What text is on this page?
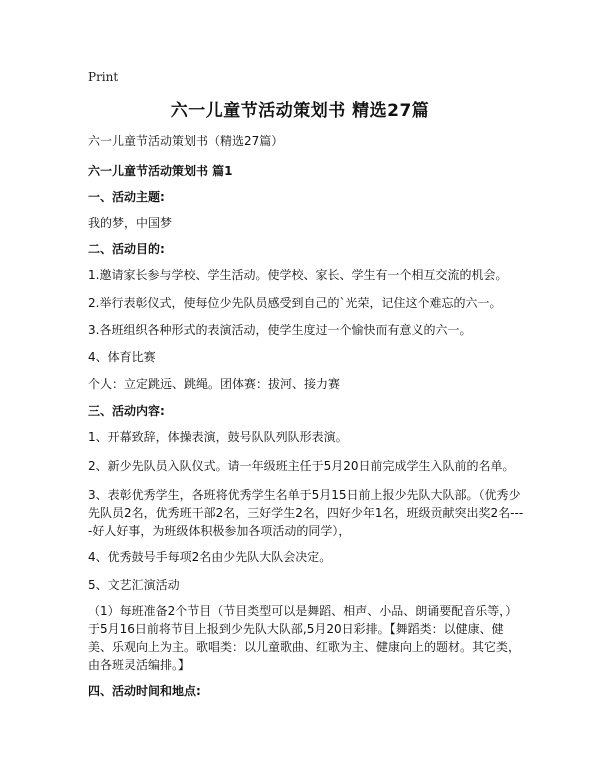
Print
六一儿童节活动策划书 精选27篇
六一儿童节活动策划书（精选27篇）
六一儿童节活动策划书 篇1
一、活动主题:
我的梦，中国梦
二、活动目的:
1.邀请家长参与学校、学生活动。使学校、家长、学生有一个相互交流的机会。
2.举行表彰仪式，使每位少先队员感受到自己的`光荣，记住这个难忘的六一。
3.各班组织各种形式的表演活动，使学生度过一个愉快而有意义的六一。
4、体育比赛
个人：立定跳远、跳绳。团体赛：拔河、接力赛
三、活动内容:
1、开幕致辞，体操表演，鼓号队队列队形表演。
2、新少先队员入队仪式。请一年级班主任于5月20日前完成学生入队前的名单。
3、表彰优秀学生，各班将优秀学生名单于5月15日前上报少先队大队部。（优秀少
先队员2名，优秀班干部2名，三好学生2名，四好少年1名，班级贡献突出奖2名---
-好人好事，为班级体积极参加各项活动的同学），
4、优秀鼓号手每项2名由少先队大队会决定。
5、文艺汇演活动
（1）每班准备2个节目（节目类型可以是舞蹈、相声、小品、朗诵要配音乐等，）
于5月16日前将节目上报到少先队大队部,5月20日彩排。【舞蹈类：以健康、健
美、乐观向上为主。歌唱类：以儿童歌曲、红歌为主、健康向上的题材。其它类，
由各班灵活编排。】
四、活动时间和地点:
